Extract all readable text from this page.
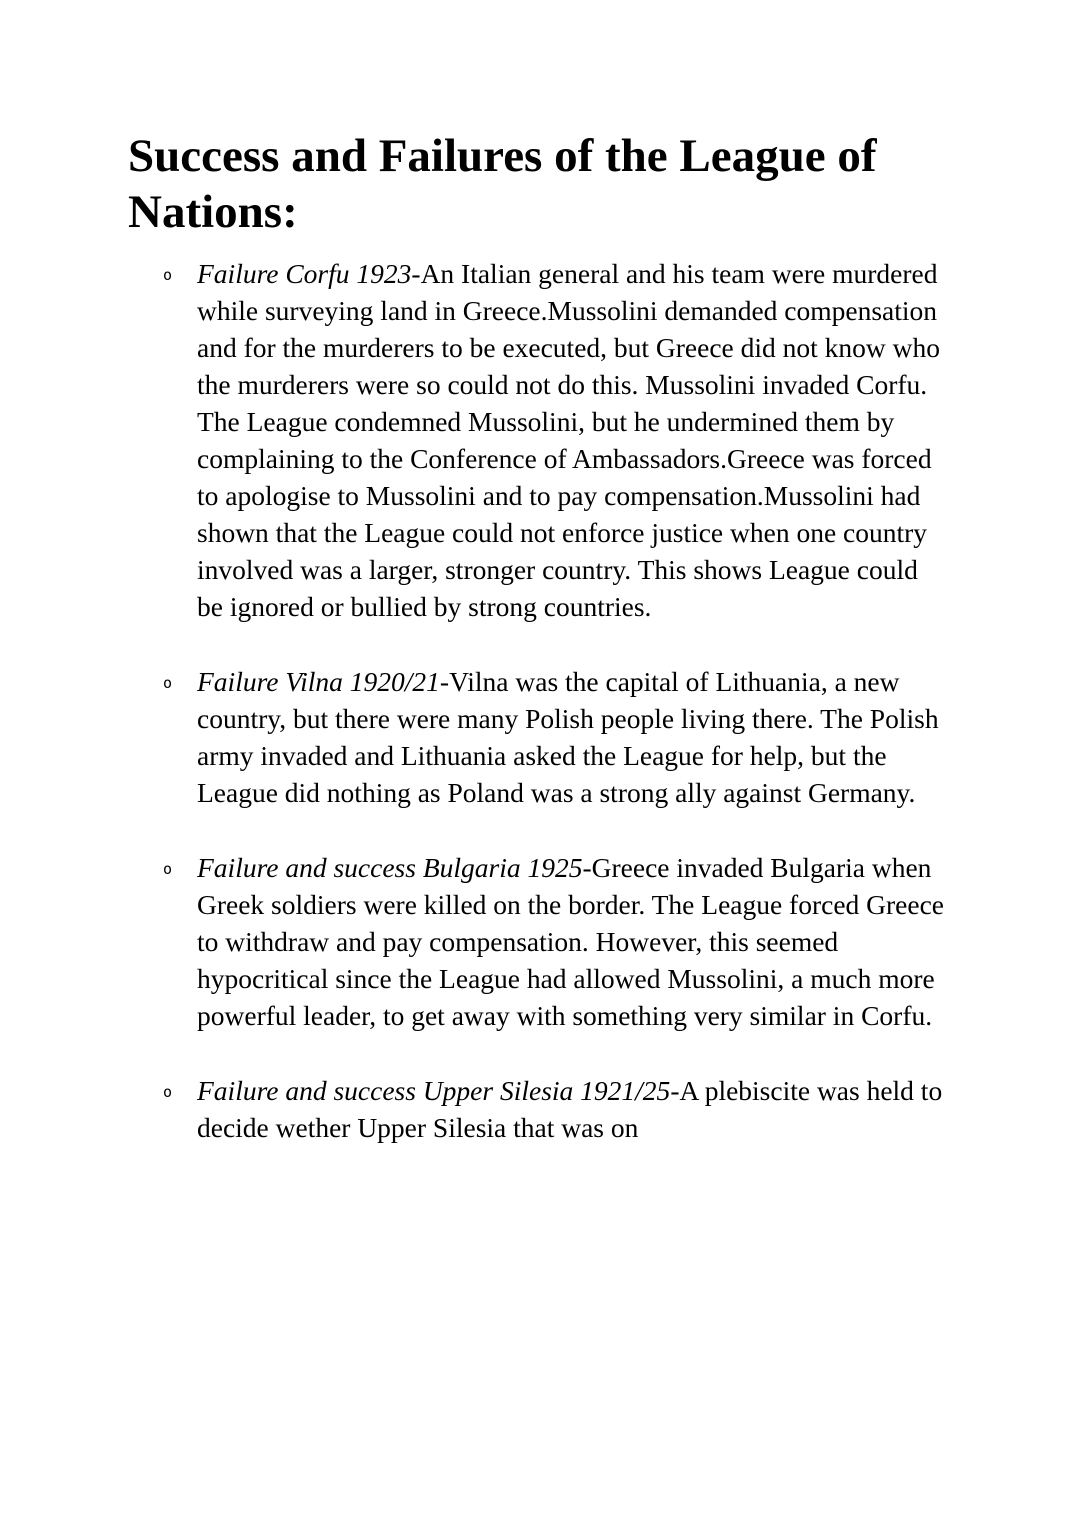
Success and Failures of the League of Nations:
o Failure Corfu 1923-An Italian general and his team were murdered while surveying land in Greece.Mussolini demanded compensation and for the murderers to be executed, but Greece did not know who the murderers were so could not do this. Mussolini invaded Corfu. The League condemned Mussolini, but he undermined them by complaining to the Conference of Ambassadors.Greece was forced to apologise to Mussolini and to pay compensation.Mussolini had shown that the League could not enforce justice when one country involved was a larger, stronger country. This shows League could be ignored or bullied by strong countries.
o Failure Vilna 1920/21-Vilna was the capital of Lithuania, a new country, but there were many Polish people living there. The Polish army invaded and Lithuania asked the League for help, but the League did nothing as Poland was a strong ally against Germany.
o Failure and success Bulgaria 1925-Greece invaded Bulgaria when Greek soldiers were killed on the border. The League forced Greece to withdraw and pay compensation. However, this seemed hypocritical since the League had allowed Mussolini, a much more powerful leader, to get away with something very similar in Corfu.
o Failure and success Upper Silesia 1921/25-A plebiscite was held to decide wether Upper Silesia that was on
